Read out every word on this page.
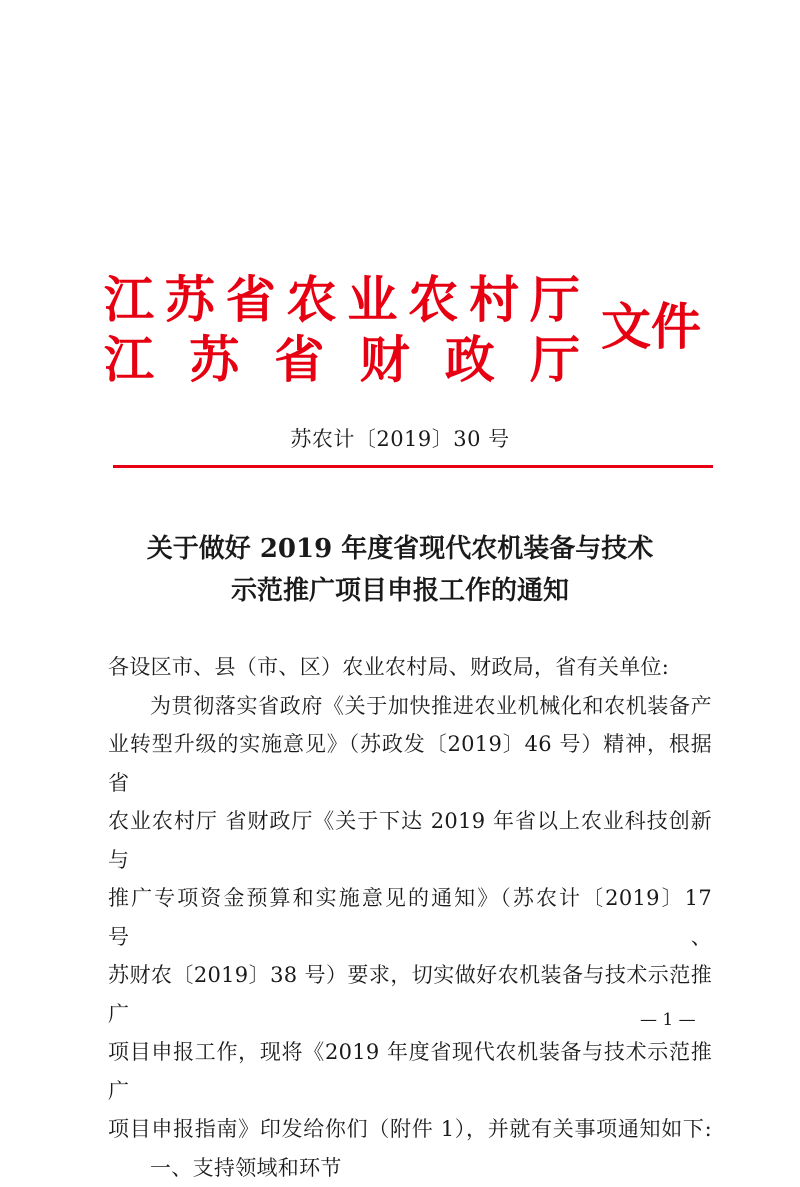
江 苏 省 农 业 农 村 厅
江 苏 省 财 政 厅
文件
苏农计〔2019〕30 号
关于做好 2019 年度省现代农机装备与技术
示范推广项目申报工作的通知

各设区市、县（市、区）农业农村局、财政局，省有关单位:

为贯彻落实省政府《关于加快推进农业机械化和农机装备产

业转型升级的实施意见》（苏政发〔2019〕46 号）精神，根据省

农业农村厅 省财政厅《关于下达 2019 年省以上农业科技创新与

推广专项资金预算和实施意见的通知》（苏农计〔2019〕17 号、

苏财农〔2019〕38 号）要求，切实做好农机装备与技术示范推广

项目申报工作，现将《2019 年度省现代农机装备与技术示范推广

项目申报指南》印发给你们（附件 1），并就有关事项通知如下:

一、支持领域和环节

— 1 —
